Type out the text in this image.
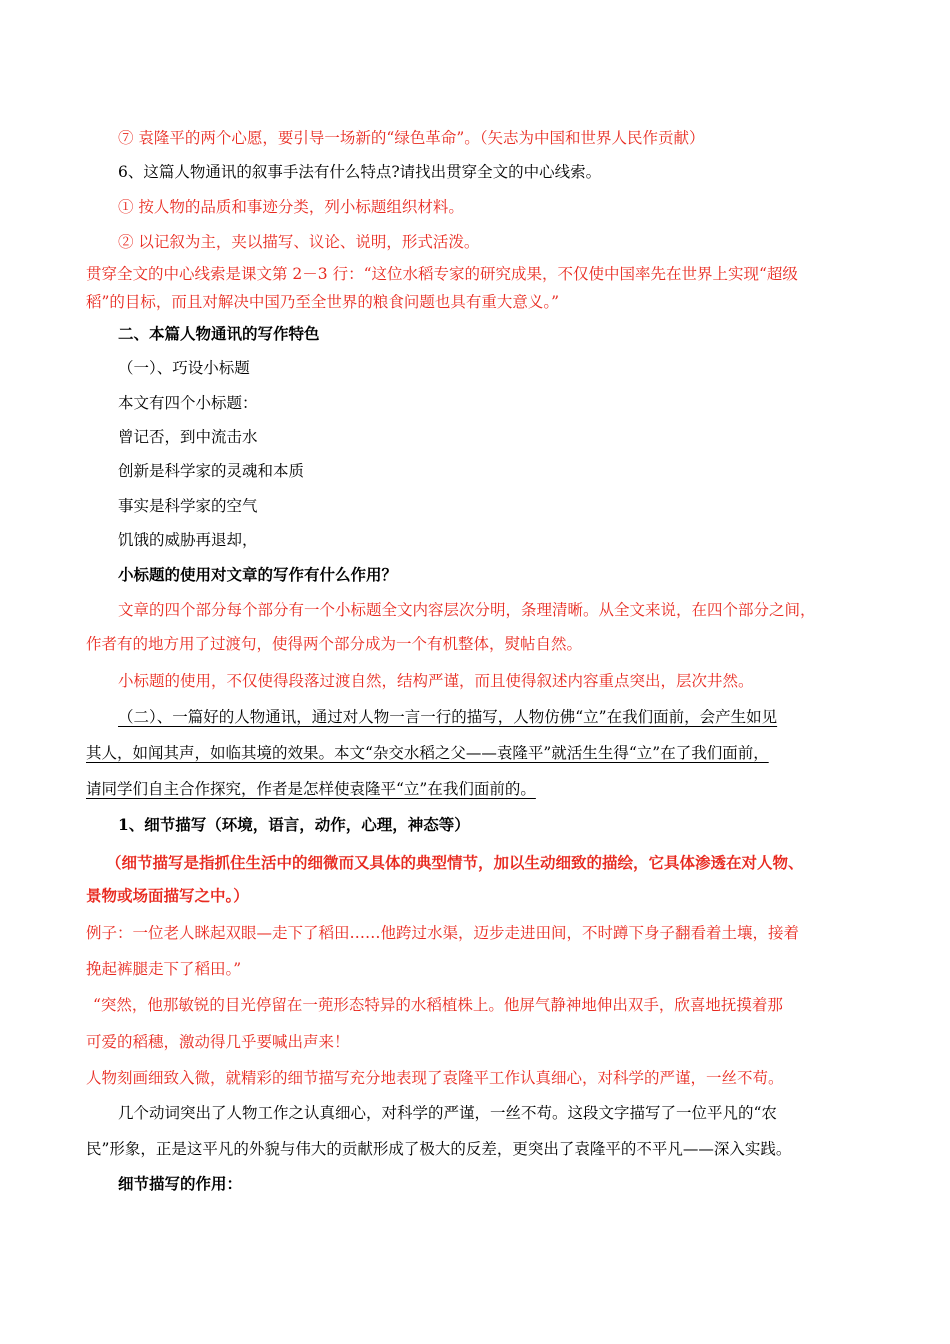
⑦ 袁隆平的两个心愿，要引导一场新的“绿色革命”。（矢志为中国和世界人民作贡献）
6、这篇人物通讯的叙事手法有什么特点?请找出贯穿全文的中心线索。
① 按人物的品质和事迹分类，列小标题组织材料。
② 以记叙为主，夹以描写、议论、说明，形式活泼。
贯穿全文的中心线索是课文第 2－3 行：“这位水稻专家的研究成果，不仅使中国率先在世界上实现“超级
稻”的目标，而且对解决中国乃至全世界的粮食问题也具有重大意义。”
二、本篇人物通讯的写作特色
（一）、巧设小标题
本文有四个小标题：
曾记否，到中流击水
创新是科学家的灵魂和本质
事实是科学家的空气
饥饿的威胁再退却，
小标题的使用对文章的写作有什么作用？
文章的四个部分每个部分有一个小标题全文内容层次分明，条理清晰。从全文来说，在四个部分之间，
作者有的地方用了过渡句，使得两个部分成为一个有机整体，熨帖自然。
小标题的使用，不仅使得段落过渡自然，结构严谨，而且使得叙述内容重点突出，层次井然。
（二）、一篇好的人物通讯，通过对人物一言一行的描写，人物仿佛“立”在我们面前，会产生如见
其人，如闻其声，如临其境的效果。本文“杂交水稻之父——袁隆平”就活生生得“立”在了我们面前，
请同学们自主合作探究，作者是怎样使袁隆平“立”在我们面前的。
1、细节描写（环境，语言，动作，心理，神态等）
（细节描写是指抓住生活中的细微而又具体的典型情节，加以生动细致的描绘，它具体渗透在对人物、
景物或场面描写之中。）
例子：一位老人眯起双眼—走下了稻田……他跨过水渠，迈步走进田间，不时蹲下身子翻看着土壤，接着
挽起裤腿走下了稻田。”
“突然，他那敏锐的目光停留在一蔸形态特异的水稻植株上。他屏气静神地伸出双手，欣喜地抚摸着那
可爱的稻穗，激动得几乎要喊出声来！
人物刻画细致入微，就精彩的细节描写充分地表现了袁隆平工作认真细心，对科学的严谨，一丝不苟。
几个动词突出了人物工作之认真细心，对科学的严谨，一丝不苟。这段文字描写了一位平凡的“农
民”形象，正是这平凡的外貌与伟大的贡献形成了极大的反差，更突出了袁隆平的不平凡——深入实践。
细节描写的作用：
